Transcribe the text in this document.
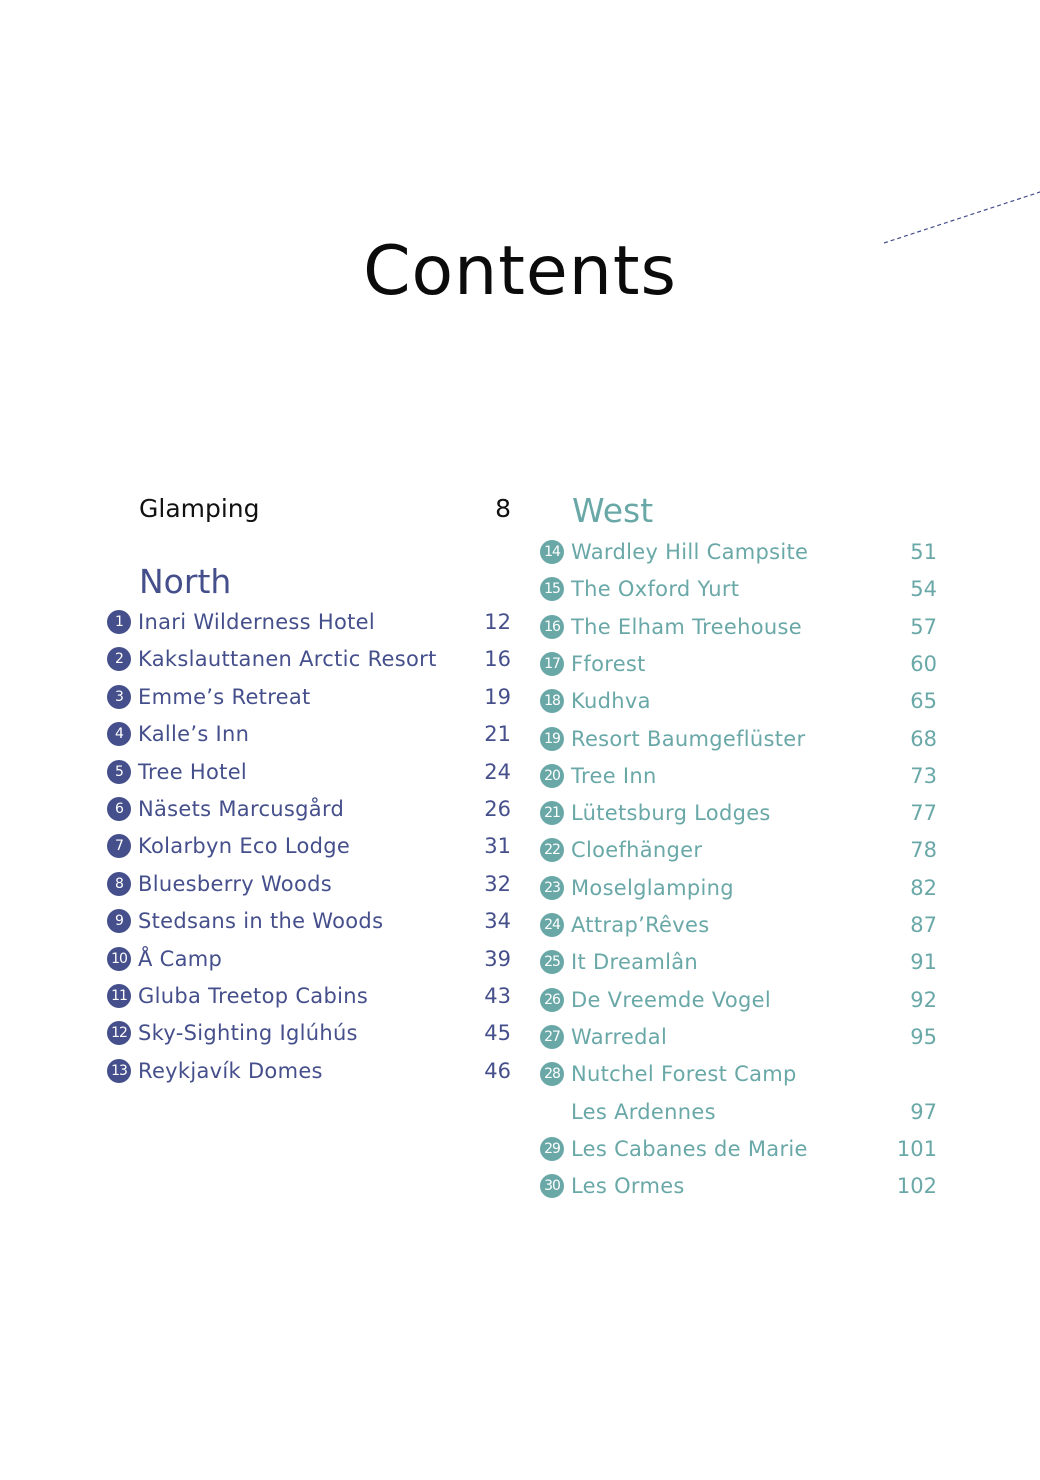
Contents
Glamping	8
North
West
1 Inari Wilderness Hotel	12
2 Kakslauttanen Arctic Resort 16
3 Emme’s Retreat	19
4 Kalle’s Inn	21
5 Tree Hotel	24
6 Näsets Marcusgård	26
7 Kolarbyn Eco Lodge	31
8 Bluesberry Woods	32
9 Stedsans in the Woods	34
10 Å Camp	39
11 Gluba Treetop Cabins	43
12 Sky-Sighting Iglúhús	45
13 Reykjavík Domes	46
14 Wardley Hill Campsite	51
15 The Oxford Yurt	54
16 The Elham Treehouse	57
17 Fforest	60
18 Kudhva	65
19 Resort Baumgeflüster	68
20 Tree Inn	73
21 Lütetsburg Lodges	77
22 Cloefhänger	78
23 Moselglamping	82
24 Attrap’Rêves	87
25 It Dreamlân	91
26 De Vreemde Vogel	92
27 Warredal	95
28 Nutchel Forest Camp
Les Ardennes	97
29 Les Cabanes de Marie	101
30 Les Ormes	102
